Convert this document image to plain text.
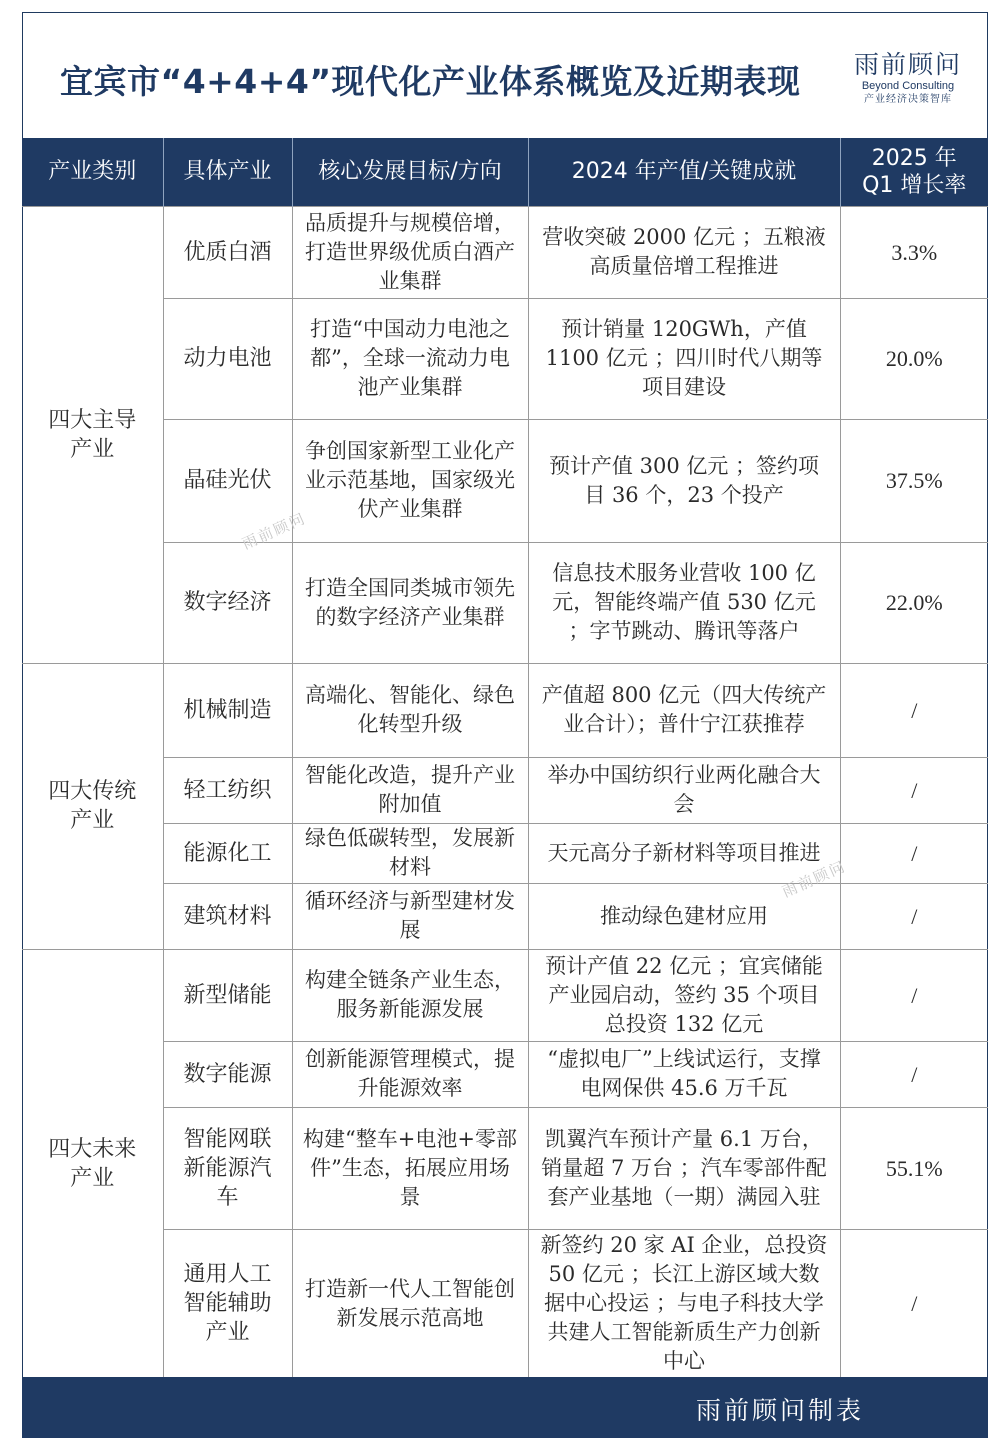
宜宾市“4+4+4”现代化产业体系概览及近期表现 雨前顾问
Beyond Consulting
产业经济决策智库
产业类别	具体产业	核心发展目标/方向	2024 年产值/关键成就	2025 年 Q1 增长率
四大主导产业	优质白酒	品质提升与规模倍增，打造世界级优质白酒产业集群	营收突破 2000 亿元 ；五粮液高质量倍增工程推进	3.3%
	动力电池	打造“中国动力电池之都”，全球一流动力电池产业集群	预计销量 120GWh，产值 1100 亿元 ；四川时代八期等项目建设	20.0%
	晶硅光伏	争创国家新型工业化产业示范基地，国家级光伏产业集群	预计产值 300 亿元 ；签约项目 36 个，23 个投产	37.5%
	数字经济	打造全国同类城市领先的数字经济产业集群	信息技术服务业营收 100 亿元，智能终端产值 530 亿元 ；字节跳动、腾讯等落户	22.0%
四大传统产业	机械制造	高端化、智能化、绿色化转型升级	产值超 800 亿元（四大传统产业合计）；普什宁江获推荐	/
	轻工纺织	智能化改造，提升产业附加值	举办中国纺织行业两化融合大会	/
	能源化工	绿色低碳转型，发展新材料	天元高分子新材料等项目推进	/
	建筑材料	循环经济与新型建材发展	推动绿色建材应用	/
四大未来产业	新型储能	构建全链条产业生态，服务新能源发展	预计产值 22 亿元 ；宜宾储能产业园启动，签约 35 个项目总投资 132 亿元	/
	数字能源	创新能源管理模式，提升能源效率	“虚拟电厂”上线试运行，支撑电网保供 45.6 万千瓦	/
	智能网联新能源汽车	构建“整车+电池+零部件”生态，拓展应用场景	凯翼汽车预计产量 6.1 万台，销量超 7 万台 ；汽车零部件配套产业基地（一期）满园入驻	55.1%
	通用人工智能辅助产业	打造新一代人工智能创新发展示范高地	新签约 20 家 AI 企业，总投资 50 亿元 ；长江上游区域大数据中心投运 ；与电子科技大学共建人工智能新质生产力创新中心	/
雨前顾问
雨前顾问
雨前顾问制表
